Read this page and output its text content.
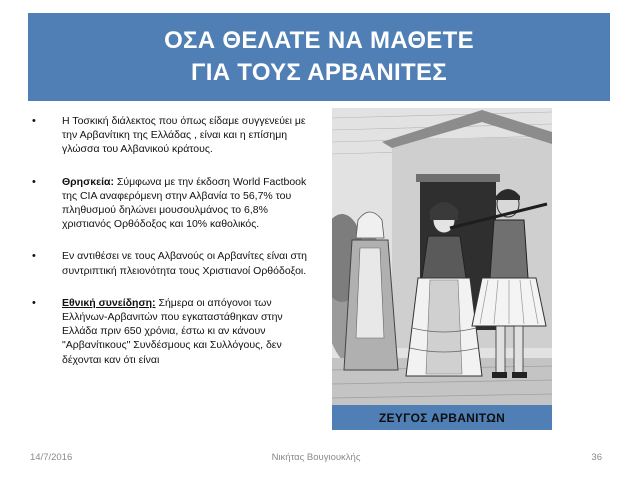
ΟΣΑ ΘΕΛΑΤΕ ΝΑ ΜΑΘΕΤΕ
ΓΙΑ ΤΟΥΣ ΑΡΒΑΝΙΤΕΣ
• Η Τοσκική διάλεκτος που όπως είδαμε συγγενεύει με την Αρβανίτικη της Ελλάδας , είναι και η επίσημη γλώσσα του Αλβανικού κράτους.
• Θρησκεία: Σύμφωνα με την έκδοση World Factbook της CIA αναφερόμενη στην Αλβανία το 56,7% του πληθυσμού δηλώνει μουσουλμάνος το 6,8% χριστιανός Ορθόδοξος και 10% καθολικός.
• Εν αντιθέσει νε τους Αλβανούς οι Αρβανίτες είναι στη συντριπτική πλειονότητα τους Χριστιανοί Ορθόδοξοι.
• Εθνική συνείδηση: Σήμερα οι απόγονοι των Ελλήνων-Αρβανιτών που εγκαταστάθηκαν στην Ελλάδα πριν 650 χρόνια, έστω κι αν κάνουν "Αρβανίτικους" Συνδέσμους και Συλλόγους, δεν δέχονται καν ότι είναι
ΖΕΥΓΟΣ ΑΡΒΑΝΙΤΩΝ
14/7/2016	Νικήτας Βουγιουκλής	36
